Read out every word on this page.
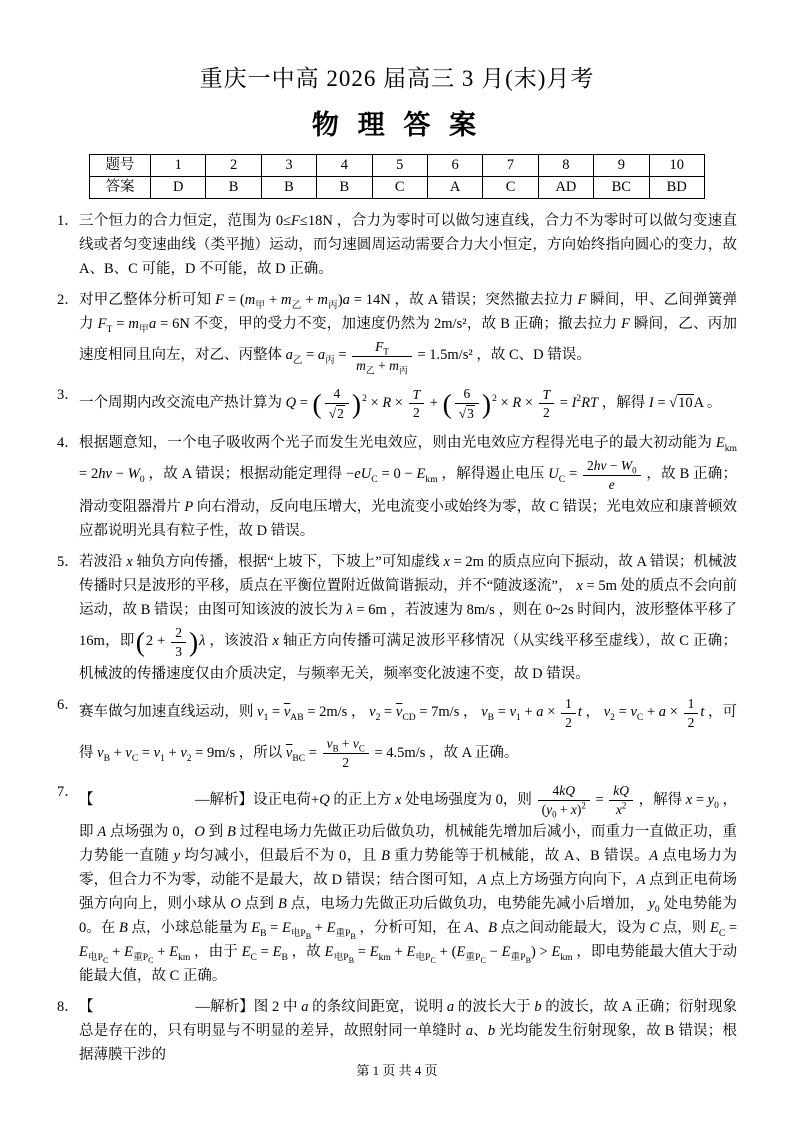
重庆一中高 2026 届高三 3 月(末)月考
物 理 答 案
题号	1	2	3	4	5	6	7	8	9	10
答案	D	B	B	B	C	A	C	AD	BC	BD
1． 三个恒力的合力恒定，范围为 0≤F≤18N ，合力为零时可以做匀速直线，合力不为零时可以做匀变速直线或者匀变速曲线（类平抛）运动，而匀速圆周运动需要合力大小恒定，方向始终指向圆心的变力，故 A、B、C 可能，D 不可能，故 D 正确。
2． 对甲乙整体分析可知 $F = (m_甲 + m_乙 + m_丙)a = 14N$ ，故 A 错误；突然撤去拉力 F 瞬间，甲、乙间弹簧弹力 $F_T = m_甲a = 6N$ 不变，甲的受力不变，加速度仍然为 2m/s²，故 B 正确；撤去拉力 F 瞬间，乙、丙加速度相同且向左，对乙、丙整体 $a_乙 = a_丙 = \frac{F_T}{m_乙 + m_丙} = 1.5m/s^2$ ，故 C、D 错误。
3． 一个周期内改交流电产热计算为 Q = ( $\frac{4}{√2} )^2 \times R \times \frac{T}{2}$ + ( $\frac{6}{√3} )^2 \times R \times \frac{T}{2} = I^2RT$ ，解得 I = √10A 。
4． 根据题意知，一个电子吸收两个光子而发生光电效应，则由光电效应方程得光电子的最大初动能为 $E_{km} = 2hv - W_0$ ，故 A 错误；根据动能定理得 $-eU_C = 0 - E_{km}$ ，解得遏止电压 $U_C = \frac{2hv - W_0}{e}$ ，故 B 正确；滑动变阻器滑片 P 向右滑动，反向电压增大，光电流变小或始终为零，故 C 错误；光电效应和康普顿效应都说明光具有粒子性，故 D 错误。
5． 若波沿 x 轴负方向传播，根据“上坡下，下坡上”可知虚线 x = 2m 的质点应向下振动，故 A 错误；机械波传播时只是波形的平移，质点在平衡位置附近做简谐振动，并不“随波逐流”， x = 5m 处的质点不会向前运动，故 B 错误；由图可知该波的波长为 λ = 6m ，若波速为 8m/s ，则在 0~2s 时间内，波形整体平移了 16m，即$(2 + \frac{2}{3} )\lambda$ ，该波沿 x 轴正方向传播可满足波形平移情况（从实线平移至虚线），故 C 正确；机械波的传播速度仅由介质决定，与频率无关，频率变化波速不变，故 D 错误。
6． 赛车做匀加速直线运动，则 $v_1 = \overline{v}_{AB} = 2m/s$ ， $v_2 = \overline{v}_{CD} = 7m/s$ ， $v_B = v_1 + a \times \frac{1}{2}$ t ， $v_2 = v_C + a \times \frac{1}{2}$ t ，可得 $v_B + v_C = v_1 + v_2 = 9m/s$ ，所以 $\overline{v}_{BC} = \frac{v_B + v_C}{2} = 4.5m/s$ ，故 A 正确。
7． 【　　　　　　　—解析】设正电荷+Q 的正上方 x 处电场强度为 0，则 $\frac{4kQ}{(y_0 + x)^2} = \frac{kQ}{x^2}$ ，解得 $x = y_0$ ，即 A 点场强为 0，O 到 B 过程电场力先做正功后做负功，机械能先增加后减小，而重力一直做正功，重力势能一直随 y 均匀减小，但最后不为 0，且 B 重力势能等于机械能，故 A、B 错误。A 点电场力为零，但合力不为零，动能不是最大，故 D 错误；结合图可知，A 点上方场强方向向下，A 点到正电荷场强方向向上，则小球从 O 点到 B 点，电场力先做正功后做负功，电势能先减小后增加， $y_0$ 处电势能为 0。在 B 点，小球总能量为 $E_B = E_{电P_B} + E_{重P_B}$ ，分析可知，在 A、B 点之间动能最大，设为 C 点，则 $E_C = E_{电P_C} + E_{重P_C} + E_{km}$ ，由于 $E_C = E_B$ ，故 $E_{电P_B} = E_{km} + E_{电P_C} + (E_{重P_C} - E_{重P_B}) > E_{km}$ ，即电势能最大值大于动能最大值，故 C 正确。
8． 【　　　　　　　—解析】图 2 中 a 的条纹间距宽，说明 a 的波长大于 b 的波长，故 A 正确；衍射现象总是存在的，只有明显与不明显的差异，故照射同一单缝时 a、b 光均能发生衍射现象，故 B 错误；根据薄膜干涉的
第 1 页 共 4 页
